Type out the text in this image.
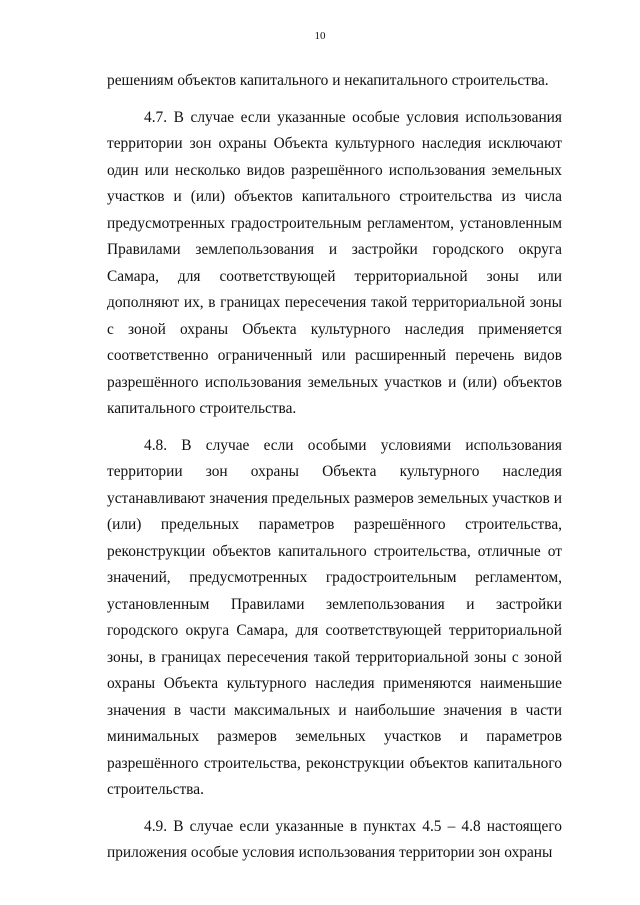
10

решениям объектов капитального и некапитального строительства.

4.7. В случае если указанные особые условия использования территории зон охраны Объекта культурного наследия исключают один или несколько видов разрешённого использования земельных участков и (или) объектов капитального строительства из числа предусмотренных градостроительным регламентом, установленным Правилами землепользования и застройки городского округа Самара, для соответствующей территориальной зоны или дополняют их, в границах пересечения такой территориальной зоны с зоной охраны Объекта культурного наследия применяется соответственно ограниченный или расширенный перечень видов разрешённого использования земельных участков и (или) объектов капитального строительства.

4.8. В случае если особыми условиями использования территории зон охраны Объекта культурного наследия устанавливают значения предельных размеров земельных участков и (или) предельных параметров разрешённого строительства, реконструкции объектов капитального строительства, отличные от значений, предусмотренных градостроительным регламентом, установленным Правилами землепользования и застройки городского округа Самара, для соответствующей территориальной зоны, в границах пересечения такой территориальной зоны с зоной охраны Объекта культурного наследия применяются наименьшие значения в части максимальных и наибольшие значения в части минимальных размеров земельных участков и параметров разрешённого строительства, реконструкции объектов капитального строительства.

4.9. В случае если указанные в пунктах 4.5 – 4.8 настоящего приложения особые условия использования территории зон охраны
